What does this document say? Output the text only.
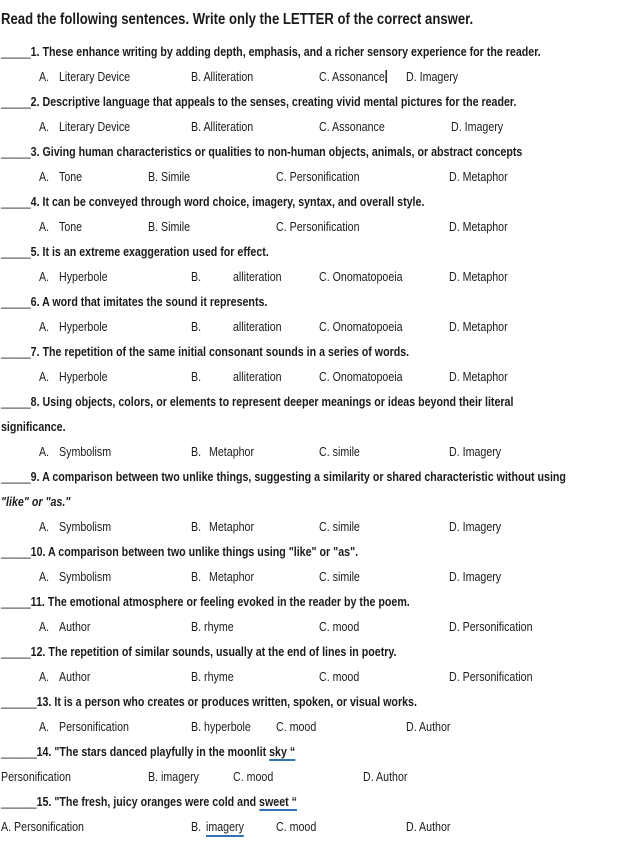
Read the following sentences. Write only the LETTER of the correct answer.
_____1. These enhance writing by adding depth, emphasis, and a richer sensory experience for the reader.
A. Literary Device	B. Alliteration	C. Assonance D. Imagery
_____2. Descriptive language that appeals to the senses, creating vivid mental pictures for the reader.
A. Literary Device	B. Alliteration	C. Assonance	D. Imagery
_____3. Giving human characteristics or qualities to non-human objects, animals, or abstract concepts
A. Tone	B. Simile	C. Personification	D. Metaphor
_____4. It can be conveyed through word choice, imagery, syntax, and overall style.
A. Tone	B. Simile	C. Personification	D. Metaphor
_____5. It is an extreme exaggeration used for effect.
A. Hyperbole	B. alliteration	C. Onomatopoeia	D. Metaphor
_____6. A word that imitates the sound it represents.
A. Hyperbole	B. alliteration	C. Onomatopoeia	D. Metaphor
_____7. The repetition of the same initial consonant sounds in a series of words.
A. Hyperbole	B. alliteration	C. Onomatopoeia	D. Metaphor
_____8. Using objects, colors, or elements to represent deeper meanings or ideas beyond their literal
significance.
A. Symbolism	B. Metaphor	C. simile	D. Imagery
_____9. A comparison between two unlike things, suggesting a similarity or shared characteristic without using
"like" or "as."
A. Symbolism	B. Metaphor	C. simile	D. Imagery
_____10. A comparison between two unlike things using "like" or "as".
A. Symbolism	B. Metaphor	C. simile	D. Imagery
_____11. The emotional atmosphere or feeling evoked in the reader by the poem.
A. Author	B. rhyme	C. mood	D. Personification
_____12. The repetition of similar sounds, usually at the end of lines in poetry.
A. Author	B. rhyme	C. mood	D. Personification
______13. It is a person who creates or produces written, spoken, or visual works.
A. Personification	B. hyperbole C. mood	D. Author
______14. "The stars danced playfully in the moonlit sky “
Personification	B. imagery	C. mood	D. Author
______15. "The fresh, juicy oranges were cold and sweet “
A. Personification	B. imagery C. mood	D. Author
